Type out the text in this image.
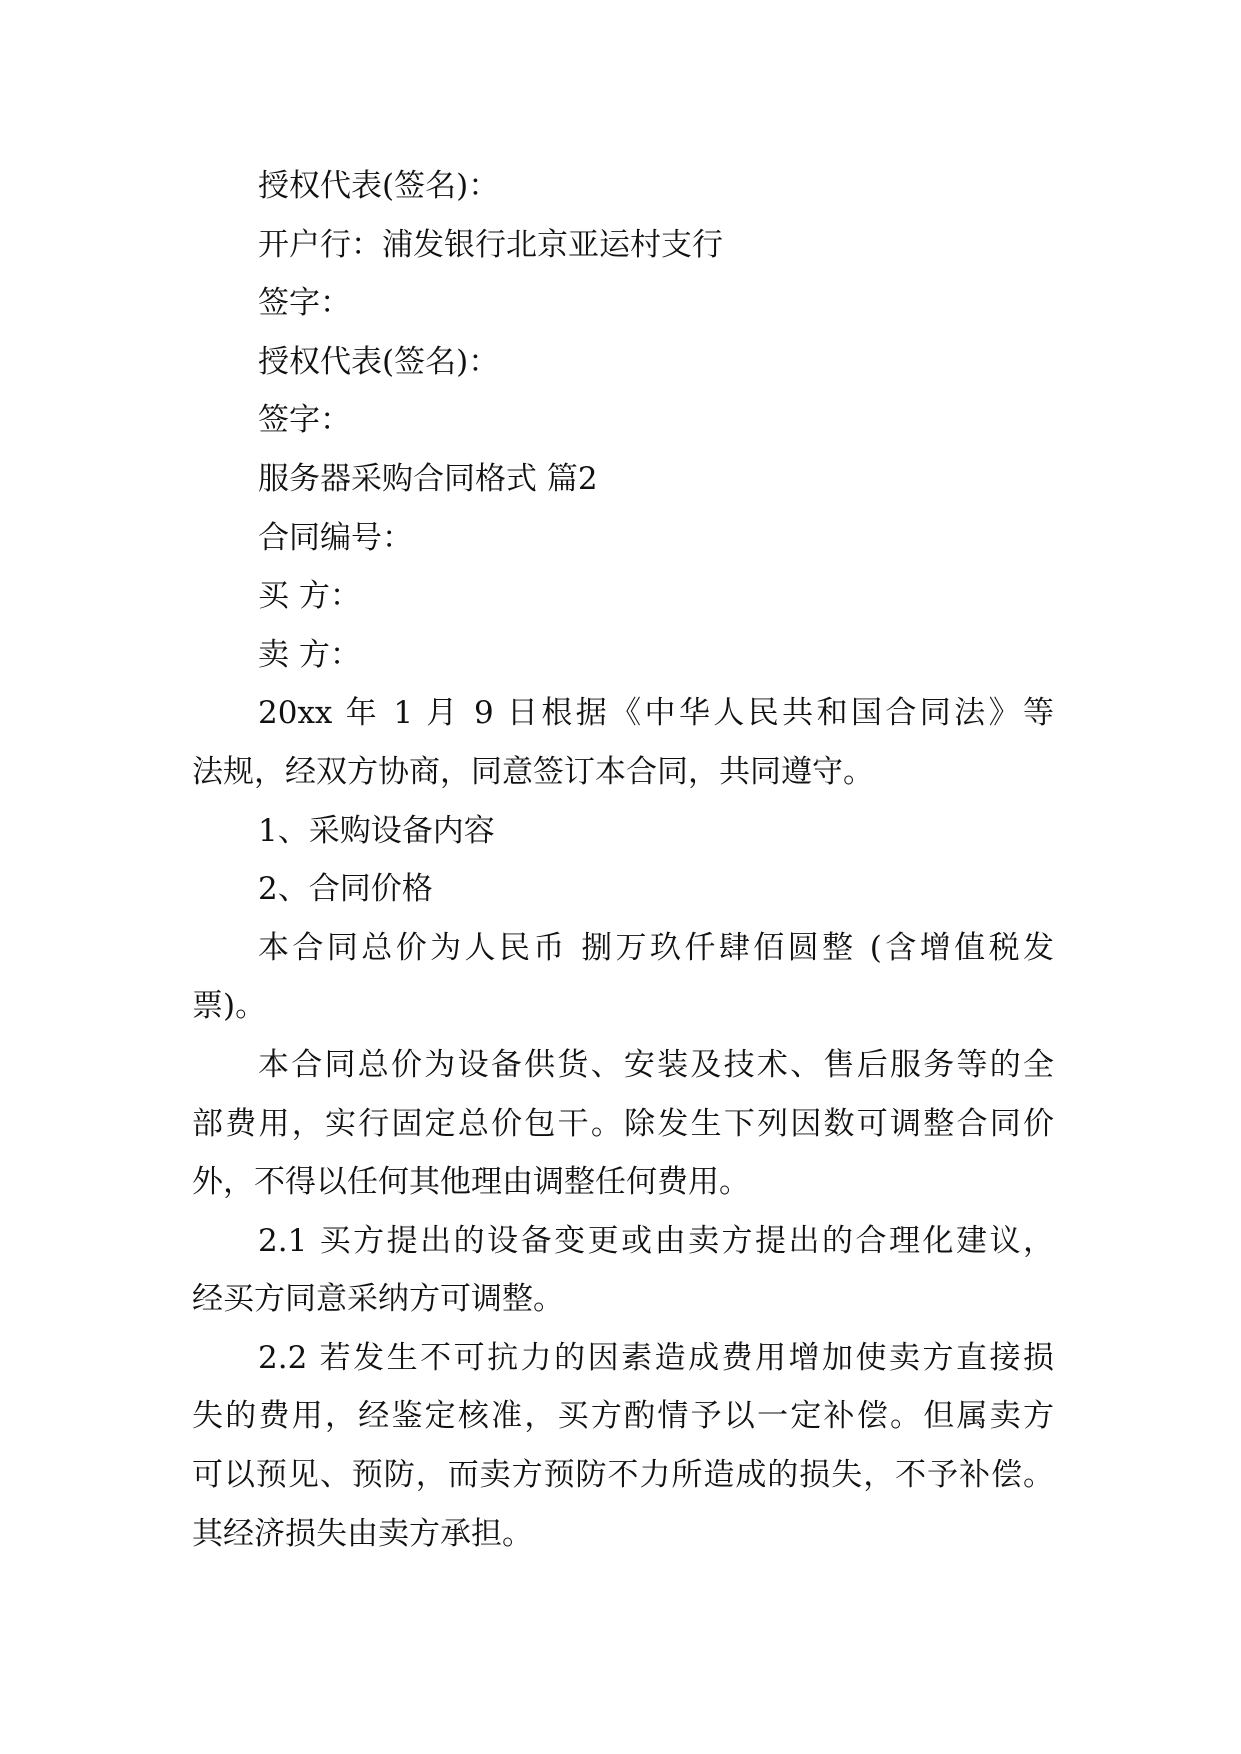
授权代表(签名)：
开户行：浦发银行北京亚运村支行
签字：
授权代表(签名)：
签字：
服务器采购合同格式 篇2
合同编号：
买 方：
卖 方：
20xx 年 1 月 9 日根据《中华人民共和国合同法》等
法规，经双方协商，同意签订本合同，共同遵守。
1、采购设备内容
2、合同价格
本合同总价为人民币 捌万玖仟肆佰圆整 (含增值税发
票)。
本合同总价为设备供货、安装及技术、售后服务等的全
部费用，实行固定总价包干。除发生下列因数可调整合同价
外，不得以任何其他理由调整任何费用。
2.1 买方提出的设备变更或由卖方提出的合理化建议，
经买方同意采纳方可调整。
2.2 若发生不可抗力的因素造成费用增加使卖方直接损
失的费用，经鉴定核准，买方酌情予以一定补偿。但属卖方
可以预见、预防，而卖方预防不力所造成的损失，不予补偿。
其经济损失由卖方承担。
